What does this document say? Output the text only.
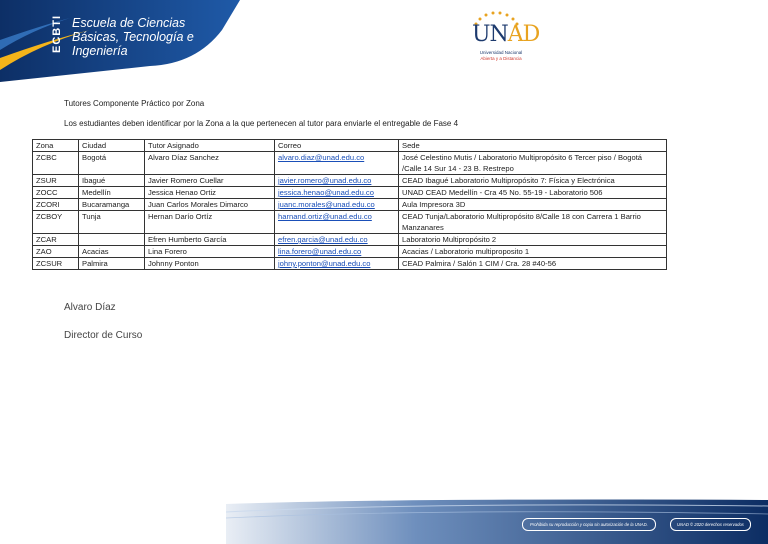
ECBTI Escuela de Ciencias
Básicas, Tecnología e
Ingeniería
UNAD
Universidad Nacional
Abierta y a Distancia
Tutores Componente Práctico por Zona
Los estudiantes deben identificar por la Zona a la que pertenecen al tutor para enviarle el entregable de Fase 4
Zona	Ciudad	Tutor Asignado	Correo	Sede
ZCBC	Bogotá	Alvaro Díaz Sanchez	alvaro.diaz@unad.edu.co	José Celestino Mutis / Laboratorio Multipropósito 6 Tercer piso / Bogotá /Calle 14 Sur 14 - 23 B. Restrepo
ZSUR	Ibagué	Javier Romero Cuellar	javier.romero@unad.edu.co	CEAD Ibagué Laboratorio Multipropósito 7: Física y Electrónica
ZOCC	Medellín	Jessica Henao Ortiz	jessica.henao@unad.edu.co	UNAD CEAD Medellín - Cra 45 No. 55-19 - Laboratorio 506
ZCORI	Bucaramanga	Juan Carlos Morales Dimarco	juanc.morales@unad.edu.co	Aula Impresora 3D
ZCBOY	Tunja	Hernan Darío Ortíz	harnand.ortiz@unad.edu.co	CEAD Tunja/Laboratorio Multipropósito 8/Calle 18 con Carrera 1 Barrio Manzanares
ZCAR		Efren Humberto García	efren.garcia@unad.edu.co	Laboratorio Multipropósito 2
ZAO	Acacias	Lina Forero	lina.forero@unad.edu.co	Acacias / Laboratorio multiproposito 1
ZCSUR	Palmira	Johnny Ponton	johny.ponton@unad.edu.co	CEAD Palmira / Salón 1 CIM / Cra. 28 #40-56
Alvaro Díaz
Director de Curso
Prohibida su reproducción y copia sin autorización de la UNAD.	UNAD © 2020 derechos reservados
